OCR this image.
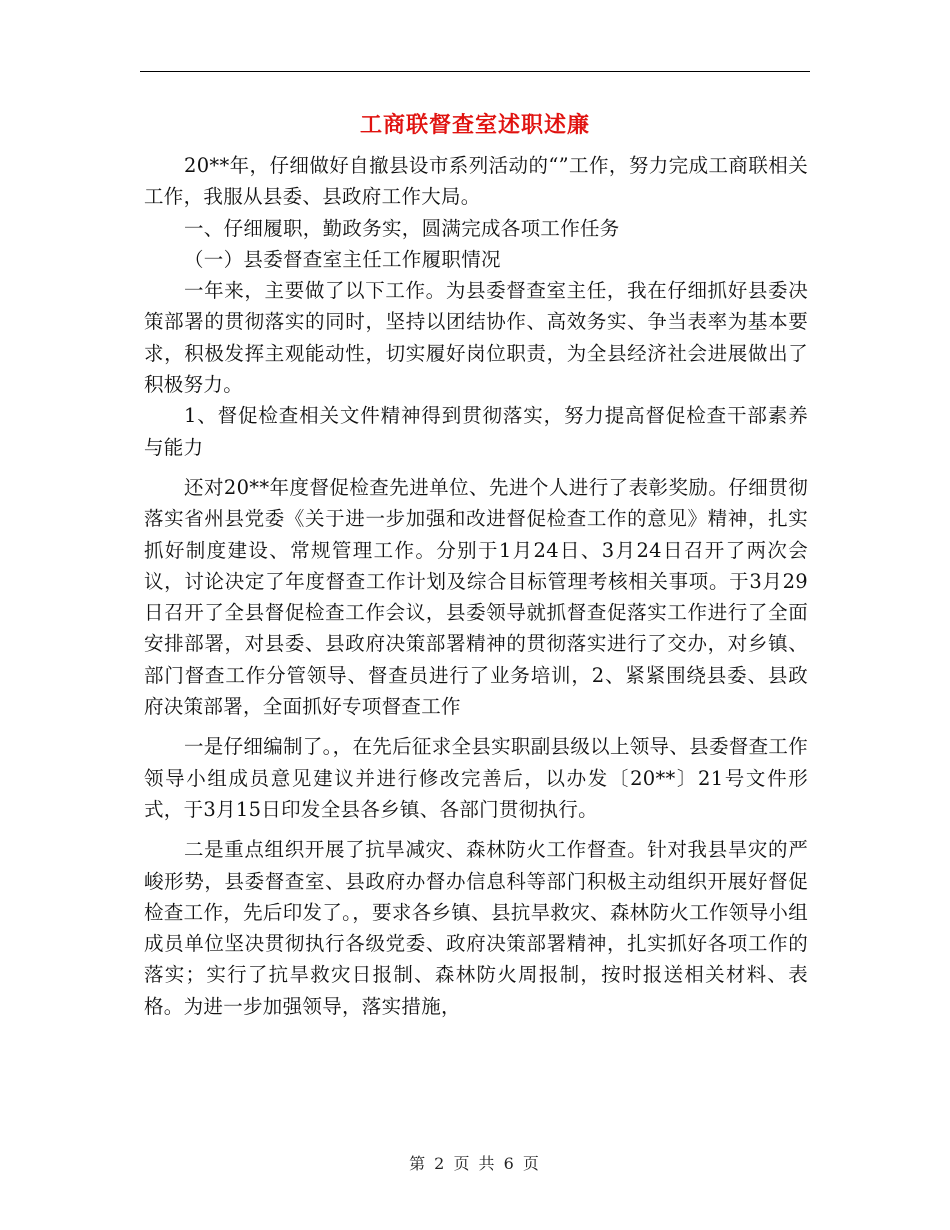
工商联督查室述职述廉

20**年，仔细做好自撤县设市系列活动的“”工作，努力完成工商联相关工作，我服从县委、县政府工作大局。

一、仔细履职，勤政务实，圆满完成各项工作任务

（一）县委督查室主任工作履职情况

一年来，主要做了以下工作。为县委督查室主任，我在仔细抓好县委决策部署的贯彻落实的同时，坚持以团结协作、高效务实、争当表率为基本要求，积极发挥主观能动性，切实履好岗位职责，为全县经济社会进展做出了积极努力。

1、督促检查相关文件精神得到贯彻落实，努力提高督促检查干部素养与能力

还对20**年度督促检查先进单位、先进个人进行了表彰奖励。仔细贯彻落实省州县党委《关于进一步加强和改进督促检查工作的意见》精神，扎实抓好制度建设、常规管理工作。分别于1月24日、3月24日召开了两次会议，讨论决定了年度督查工作计划及综合目标管理考核相关事项。于3月29日召开了全县督促检查工作会议，县委领导就抓督查促落实工作进行了全面安排部署，对县委、县政府决策部署精神的贯彻落实进行了交办，对乡镇、部门督查工作分管领导、督查员进行了业务培训，2、紧紧围绕县委、县政府决策部署，全面抓好专项督查工作

一是仔细编制了。，在先后征求全县实职副县级以上领导、县委督查工作领导小组成员意见建议并进行修改完善后，以办发〔20**〕21号文件形式，于3月15日印发全县各乡镇、各部门贯彻执行。

二是重点组织开展了抗旱减灾、森林防火工作督查。针对我县旱灾的严峻形势，县委督查室、县政府办督办信息科等部门积极主动组织开展好督促检查工作，先后印发了。，要求各乡镇、县抗旱救灾、森林防火工作领导小组成员单位坚决贯彻执行各级党委、政府决策部署精神，扎实抓好各项工作的落实；实行了抗旱救灾日报制、森林防火周报制，按时报送相关材料、表格。为进一步加强领导，落实措施，

第 2 页 共 6 页
